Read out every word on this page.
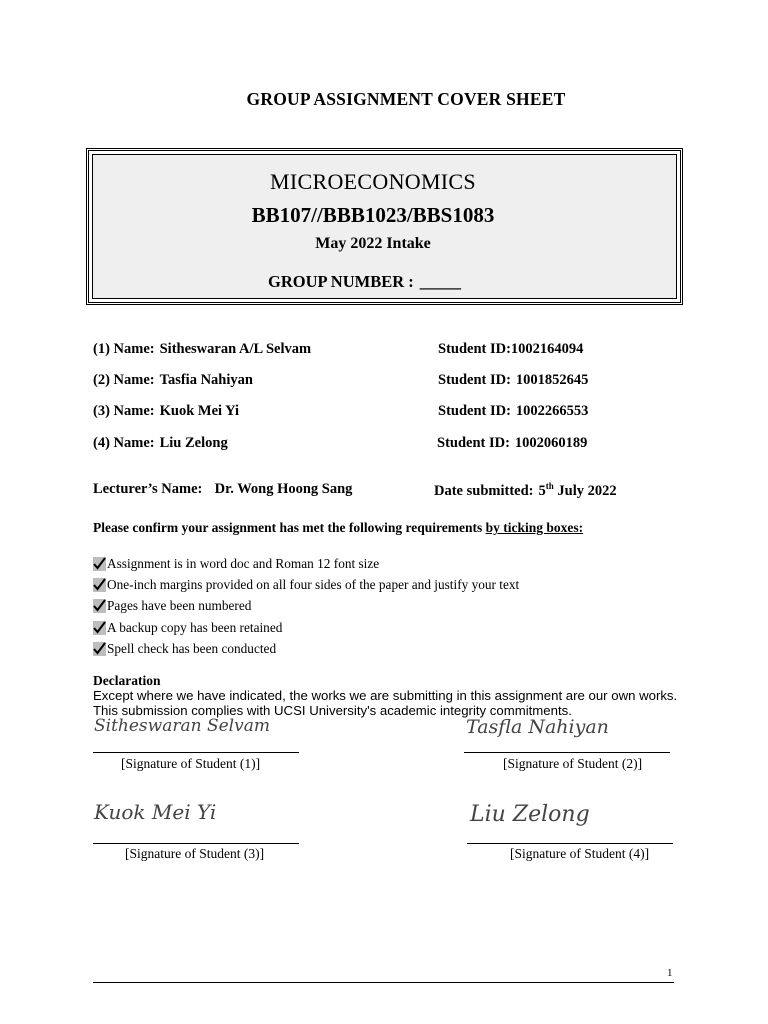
GROUP ASSIGNMENT COVER SHEET
MICROECONOMICS
BB107//BBB1023/BBS1083
May 2022 Intake
GROUP NUMBER : _____
(1) Name: Sitheswaran A/L Selvam	Student ID:1002164094
(2) Name: Tasfia Nahiyan	Student ID: 1001852645
(3) Name: Kuok Mei Yi	Student ID: 1002266553
(4) Name: Liu Zelong	Student ID: 1002060189
Lecturer’s Name: Dr. Wong Hoong Sang	Date submitted: 5th July 2022
Please confirm your assignment has met the following requirements by ticking boxes:
Assignment is in word doc and Roman 12 font size
One-inch margins provided on all four sides of the paper and justify your text
Pages have been numbered
A backup copy has been retained
Spell check has been conducted
Declaration
Except where we have indicated, the works we are submitting in this assignment are our own works.
This submission complies with UCSI University's academic integrity commitments.
Sitheswaran Selvam
[Signature of Student (1)]
Tasfla Nahiyan
[Signature of Student (2)]
Kuok Mei Yi
[Signature of Student (3)]
Liu Zelong
[Signature of Student (4)]
1
